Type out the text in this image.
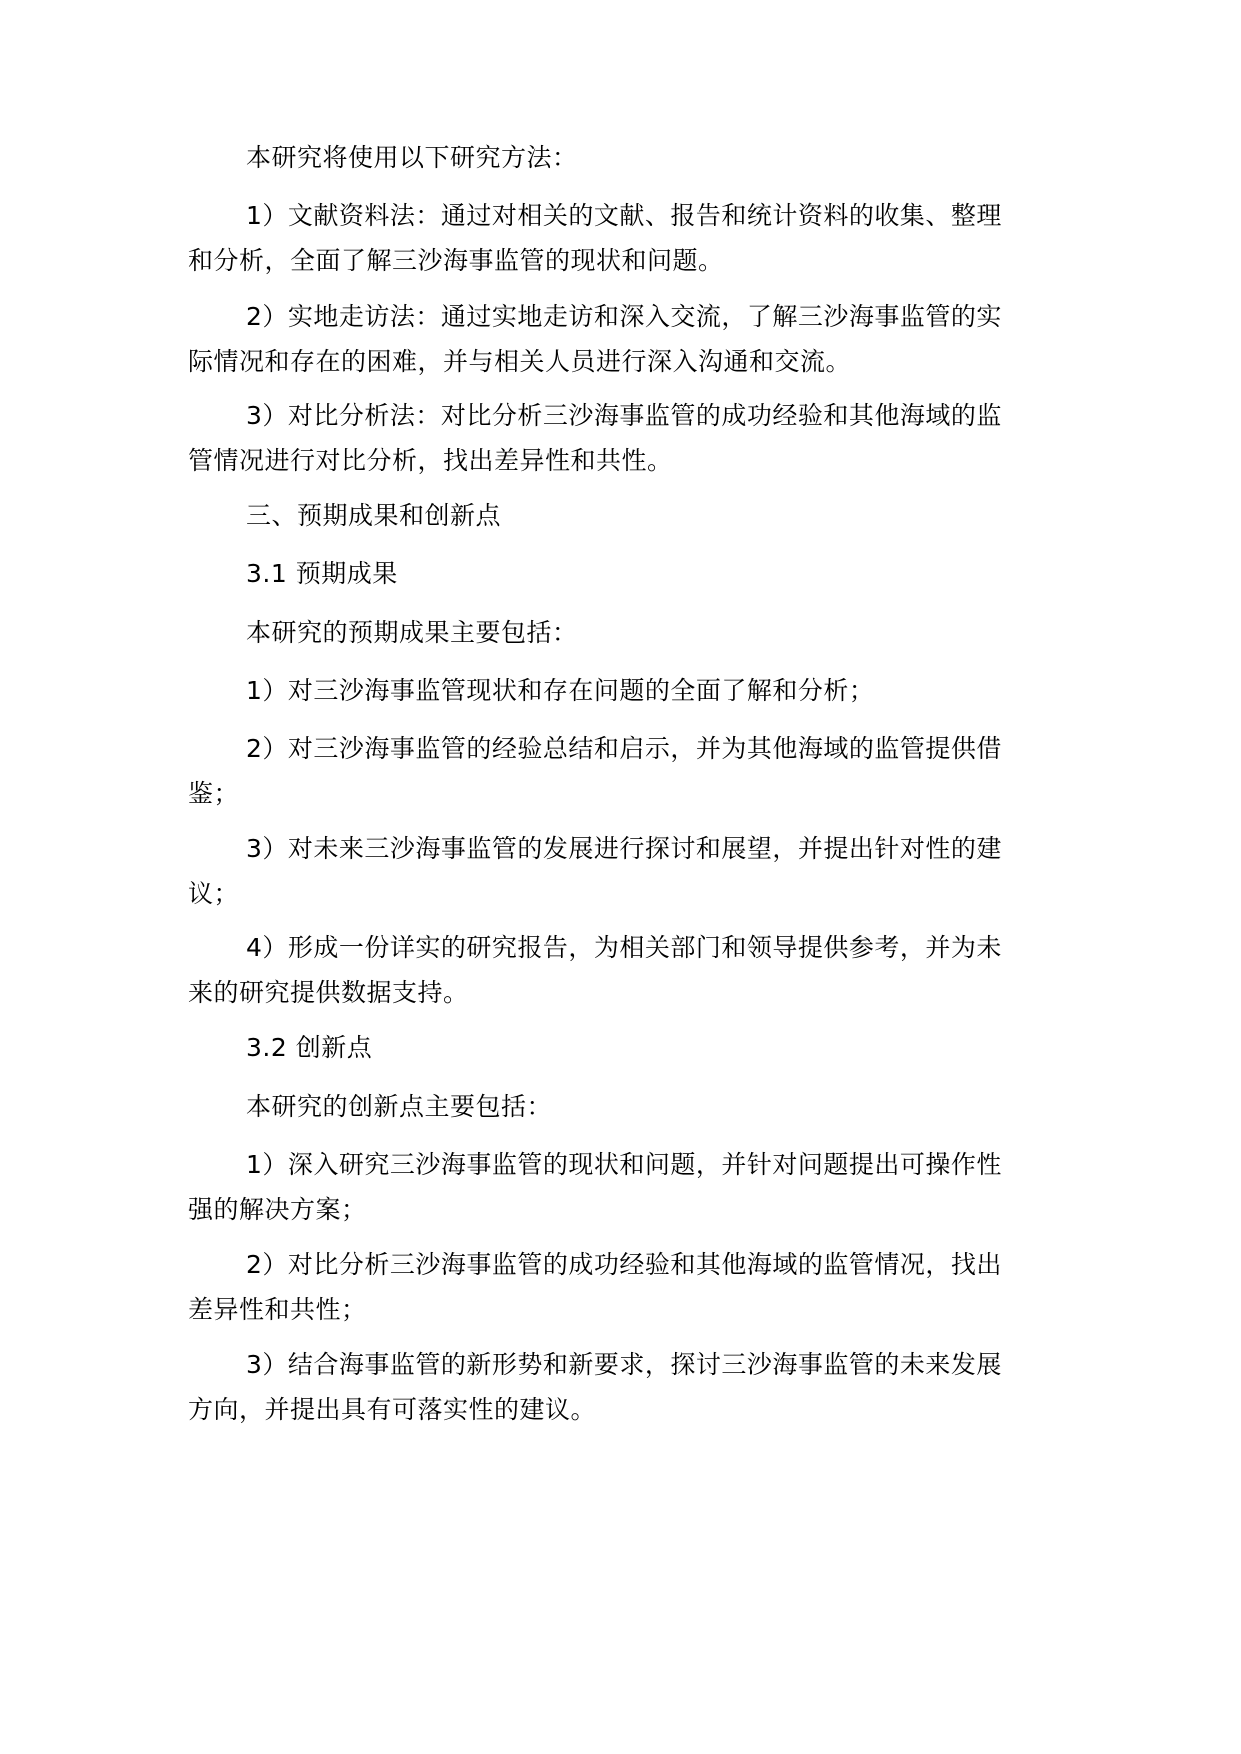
本研究将使用以下研究方法：
1）文献资料法：通过对相关的文献、报告和统计资料的收集、整理
和分析，全面了解三沙海事监管的现状和问题。
2）实地走访法：通过实地走访和深入交流，了解三沙海事监管的实
际情况和存在的困难，并与相关人员进行深入沟通和交流。
3）对比分析法：对比分析三沙海事监管的成功经验和其他海域的监
管情况进行对比分析，找出差异性和共性。
三、预期成果和创新点
3.1 预期成果
本研究的预期成果主要包括：
1）对三沙海事监管现状和存在问题的全面了解和分析；
2）对三沙海事监管的经验总结和启示，并为其他海域的监管提供借
鉴；
3）对未来三沙海事监管的发展进行探讨和展望，并提出针对性的建
议；
4）形成一份详实的研究报告，为相关部门和领导提供参考，并为未
来的研究提供数据支持。
3.2 创新点
本研究的创新点主要包括：
1）深入研究三沙海事监管的现状和问题，并针对问题提出可操作性
强的解决方案；
2）对比分析三沙海事监管的成功经验和其他海域的监管情况，找出
差异性和共性；
3）结合海事监管的新形势和新要求，探讨三沙海事监管的未来发展
方向，并提出具有可落实性的建议。
